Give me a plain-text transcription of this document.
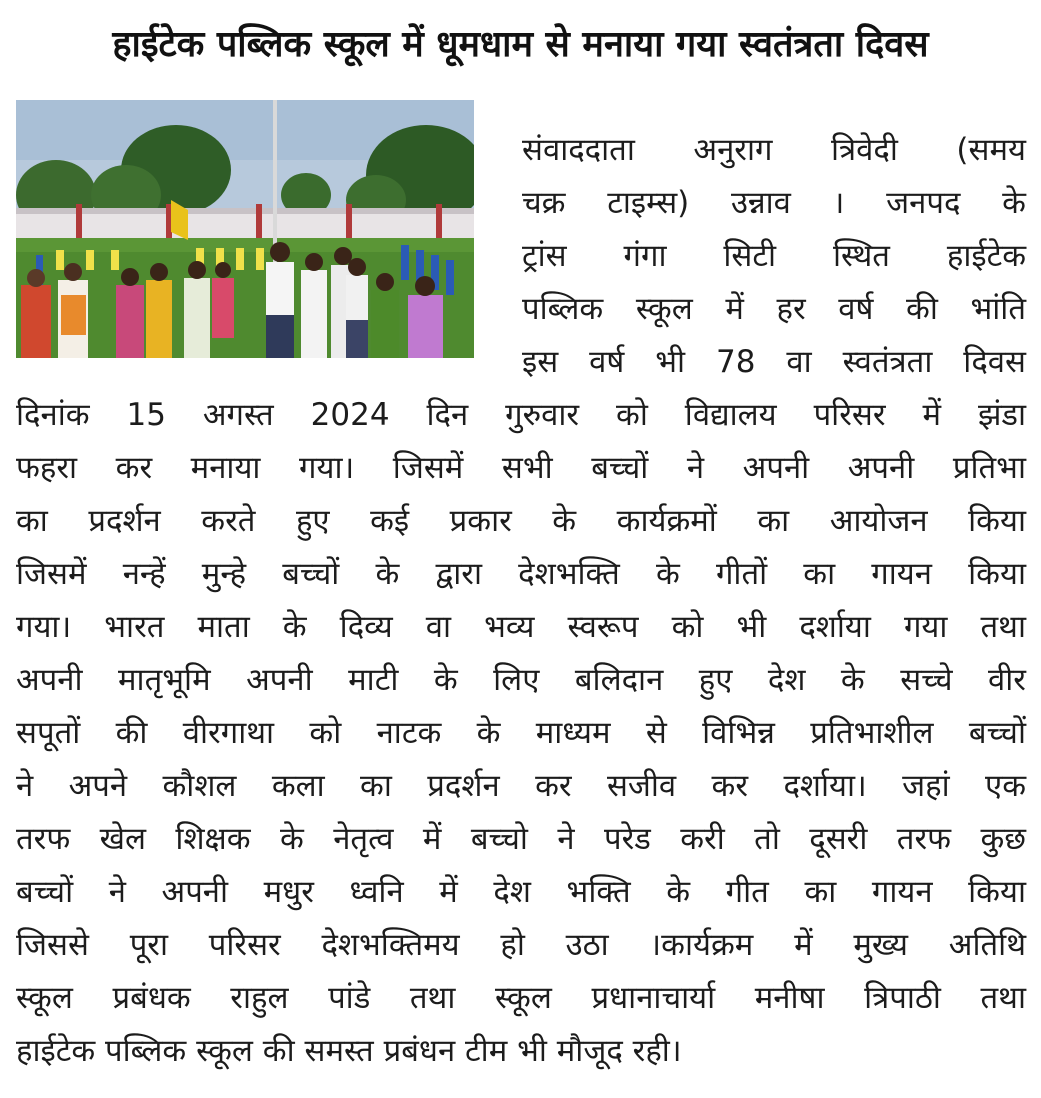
हाईटेक पब्लिक स्कूल में धूमधाम से मनाया गया स्वतंत्रता दिवस
संवाददाता अनुराग त्रिवेदी (समय
चक्र टाइम्स) उन्नाव । जनपद के
ट्रांस गंगा सिटी स्थित हाईटेक
पब्लिक स्कूल में हर वर्ष की भांति
इस वर्ष भी 78 वा स्वतंत्रता दिवस
दिनांक 15 अगस्त 2024 दिन गुरुवार को विद्यालय परिसर में झंडा
फहरा कर मनाया गया। जिसमें सभी बच्चों ने अपनी अपनी प्रतिभा
का प्रदर्शन करते हुए कई प्रकार के कार्यक्रमों का आयोजन किया
जिसमें नन्हें मुन्हे बच्चों के द्वारा देशभक्ति के गीतों का गायन किया
गया। भारत माता के दिव्य वा भव्य स्वरूप को भी दर्शाया गया तथा
अपनी मातृभूमि अपनी माटी के लिए बलिदान हुए देश के सच्चे वीर
सपूतों की वीरगाथा को नाटक के माध्यम से विभिन्न प्रतिभाशील बच्चों
ने अपने कौशल कला का प्रदर्शन कर सजीव कर दर्शाया। जहां एक
तरफ खेल शिक्षक के नेतृत्व में बच्चो ने परेड करी तो दूसरी तरफ कुछ
बच्चों ने अपनी मधुर ध्वनि में देश भक्ति के गीत का गायन किया
जिससे पूरा परिसर देशभक्तिमय हो उठा ।कार्यक्रम में मुख्य अतिथि
स्कूल प्रबंधक राहुल पांडे तथा स्कूल प्रधानाचार्या मनीषा त्रिपाठी तथा
हाईटेक पब्लिक स्कूल की समस्त प्रबंधन टीम भी मौजूद रही।
